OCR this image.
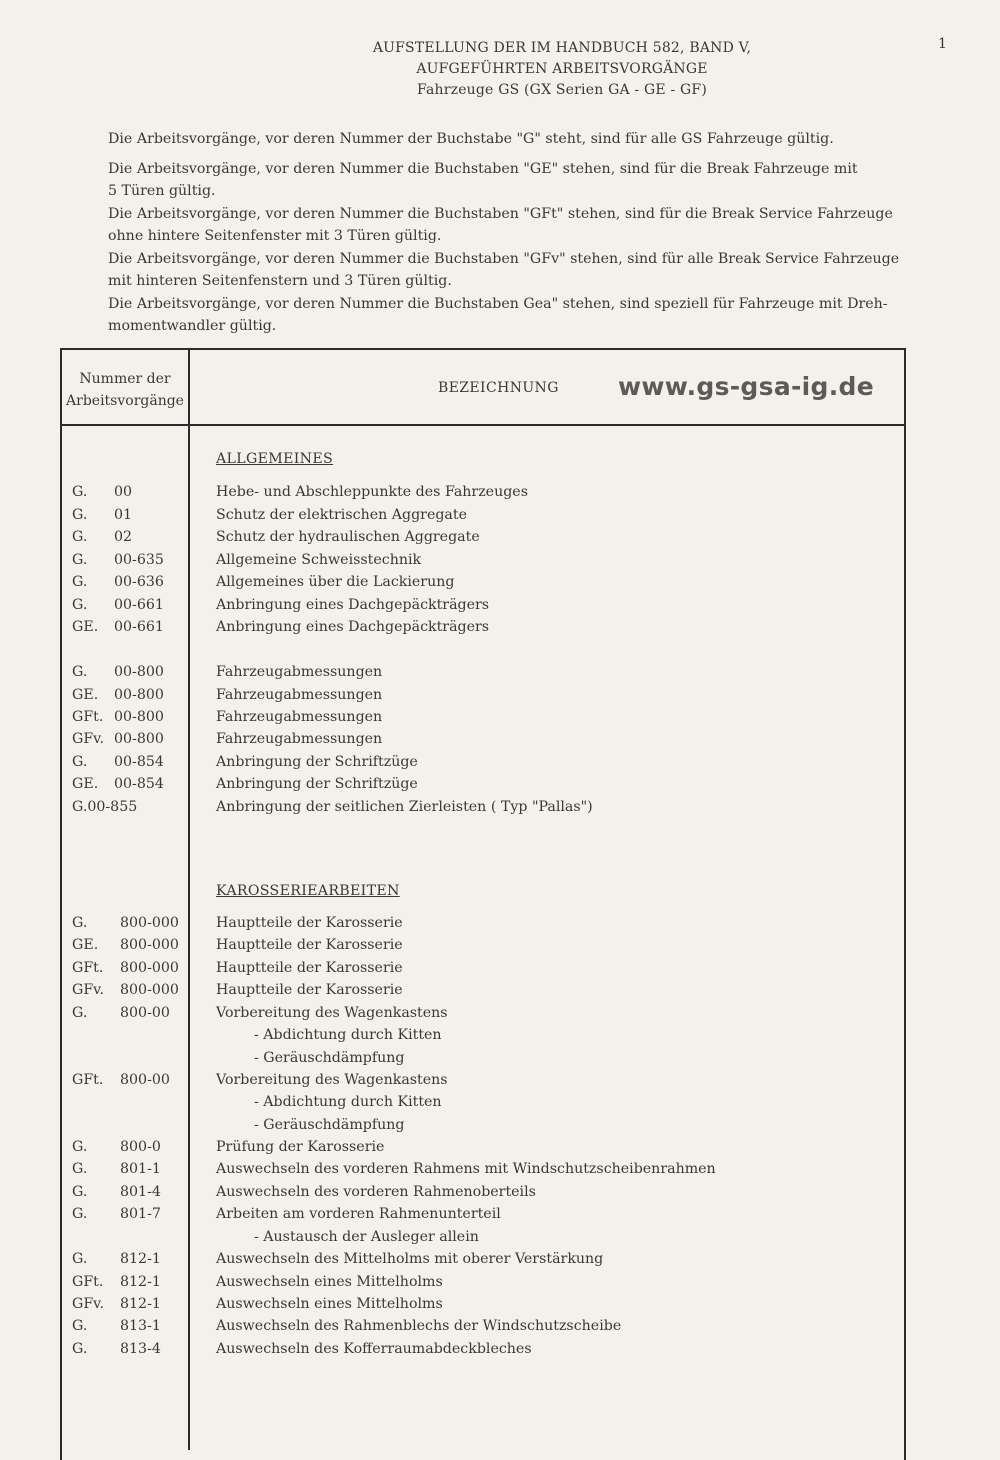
1
AUFSTELLUNG DER IM HANDBUCH 582, BAND V,
AUFGEFÜHRTEN ARBEITSVORGÄNGE
Fahrzeuge GS (GX Serien GA - GE - GF)

Die Arbeitsvorgänge, vor deren Nummer der Buchstabe "G" steht, sind für alle GS Fahrzeuge gültig.

Die Arbeitsvorgänge, vor deren Nummer die Buchstaben "GE" stehen, sind für die Break Fahrzeuge mit

5 Türen gültig.

Die Arbeitsvorgänge, vor deren Nummer die Buchstaben "GFt" stehen, sind für die Break Service Fahrzeuge

ohne hintere Seitenfenster mit 3 Türen gültig.

Die Arbeitsvorgänge, vor deren Nummer die Buchstaben "GFv" stehen, sind für alle Break Service Fahrzeuge

mit hinteren Seitenfenstern und 3 Türen gültig.

Die Arbeitsvorgänge, vor deren Nummer die Buchstaben Gea" stehen, sind speziell für Fahrzeuge mit Dreh-

momentwandler gültig.

Nummer der
Arbeitsvorgänge
BEZEICHNUNG www.gs-gsa-ig.de
ALLGEMEINES
G. 00	Hebe- und Abschleppunkte des Fahrzeuges
G. 01	Schutz der elektrischen Aggregate
G. 02	Schutz der hydraulischen Aggregate
G. 00-635	Allgemeine Schweisstechnik
G. 00-636	Allgemeines über die Lackierung
G. 00-661	Anbringung eines Dachgepäckträgers
GE. 00-661	Anbringung eines Dachgepäckträgers
G. 00-800	Fahrzeugabmessungen
GE. 00-800	Fahrzeugabmessungen
GFt. 00-800	Fahrzeugabmessungen
GFv. 00-800	Fahrzeugabmessungen
G. 00-854	Anbringung der Schriftzüge
GE. 00-854	Anbringung der Schriftzüge
G.00-855	Anbringung der seitlichen Zierleisten ( Typ "Pallas")
KAROSSERIEARBEITEN
G. 800-000	Hauptteile der Karosserie
GE. 800-000	Hauptteile der Karosserie
GFt. 800-000	Hauptteile der Karosserie
GFv. 800-000	Hauptteile der Karosserie
G. 800-00	Vorbereitung des Wagenkastens
- Abdichtung durch Kitten
- Geräuschdämpfung
GFt. 800-00	Vorbereitung des Wagenkastens
- Abdichtung durch Kitten
- Geräuschdämpfung
G. 800-0	Prüfung der Karosserie
G. 801-1	Auswechseln des vorderen Rahmens mit Windschutzscheibenrahmen
G. 801-4	Auswechseln des vorderen Rahmenoberteils
G. 801-7	Arbeiten am vorderen Rahmenunterteil
- Austausch der Ausleger allein
G. 812-1	Auswechseln des Mittelholms mit oberer Verstärkung
GFt. 812-1	Auswechseln eines Mittelholms
GFv. 812-1	Auswechseln eines Mittelholms
G. 813-1	Auswechseln des Rahmenblechs der Windschutzscheibe
G. 813-4	Auswechseln des Kofferraumabdeckbleches
